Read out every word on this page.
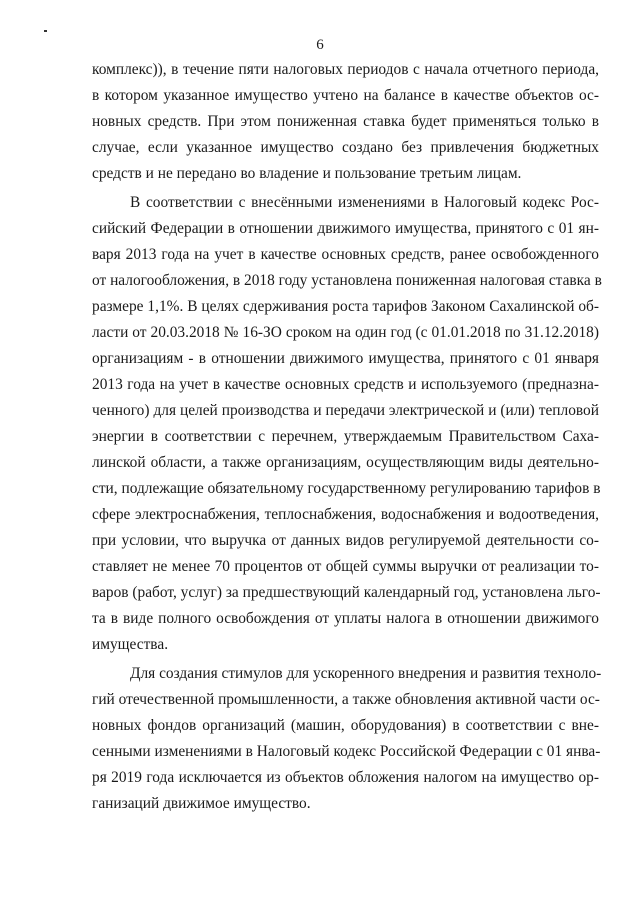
6
комплекс)), в течение пяти налоговых периодов с начала отчетного периода,
в котором указанное имущество учтено на балансе в качестве объектов ос-
новных средств. При этом пониженная ставка будет применяться только в
случае, если указанное имущество создано без привлечения бюджетных
средств и не передано во владение и пользование третьим лицам.
В соответствии с внесёнными изменениями в Налоговый кодекс Рос-
сийский Федерации в отношении движимого имущества, принятого с 01 ян-
варя 2013 года на учет в качестве основных средств, ранее освобожденного
от налогообложения, в 2018 году установлена пониженная налоговая ставка в
размере 1,1%. В целях сдерживания роста тарифов Законом Сахалинской об-
ласти от 20.03.2018 № 16-ЗО сроком на один год (с 01.01.2018 по 31.12.2018)
организациям - в отношении движимого имущества, принятого с 01 января
2013 года на учет в качестве основных средств и используемого (предназна-
ченного) для целей производства и передачи электрической и (или) тепловой
энергии в соответствии с перечнем, утверждаемым Правительством Саха-
линской области, а также организациям, осуществляющим виды деятельно-
сти, подлежащие обязательному государственному регулированию тарифов в
сфере электроснабжения, теплоснабжения, водоснабжения и водоотведения,
при условии, что выручка от данных видов регулируемой деятельности со-
ставляет не менее 70 процентов от общей суммы выручки от реализации то-
варов (работ, услуг) за предшествующий календарный год, установлена льго-
та в виде полного освобождения от уплаты налога в отношении движимого
имущества.
Для создания стимулов для ускоренного внедрения и развития техноло-
гий отечественной промышленности, а также обновления активной части ос-
новных фондов организаций (машин, оборудования) в соответствии с вне-
сенными изменениями в Налоговый кодекс Российской Федерации с 01 янва-
ря 2019 года исключается из объектов обложения налогом на имущество ор-
ганизаций движимое имущество.
